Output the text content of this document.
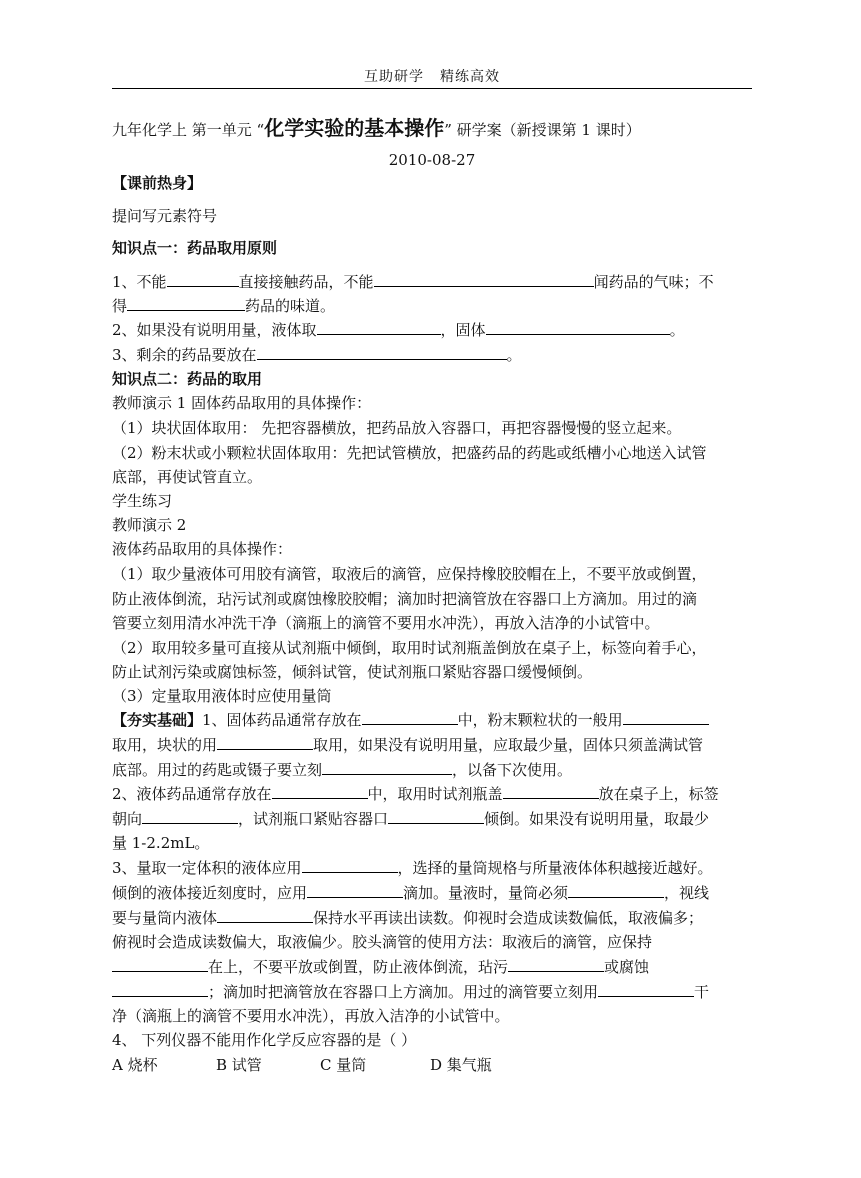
互助研学 精练高效
九年化学上 第一单元 “化学实验的基本操作” 研学案（新授课第 1 课时）
2010-08-27
【课前热身】
提问写元素符号
知识点一：药品取用原则
1、不能	直接接触药品，不能	闻药品的气味；不
得	药品的味道。
2、如果没有说明用量，液体取	，固体	。
3、剩余的药品要放在	。
知识点二：药品的取用
教师演示 1 固体药品取用的具体操作：
（1）块状固体取用： 先把容器横放，把药品放入容器口，再把容器慢慢的竖立起来。
（2）粉末状或小颗粒状固体取用：先把试管横放，把盛药品的药匙或纸槽小心地送入试管
底部，再使试管直立。
学生练习
教师演示 2
液体药品取用的具体操作：
（1）取少量液体可用胶有滴管，取液后的滴管，应保持橡胶胶帽在上，不要平放或倒置，
防止液体倒流，玷污试剂或腐蚀橡胶胶帽；滴加时把滴管放在容器口上方滴加。用过的滴
管要立刻用清水冲洗干净（滴瓶上的滴管不要用水冲洗），再放入洁净的小试管中。
（2）取用较多量可直接从试剂瓶中倾倒，取用时试剂瓶盖倒放在桌子上，标签向着手心，
防止试剂污染或腐蚀标签，倾斜试管，使试剂瓶口紧贴容器口缓慢倾倒。
（3）定量取用液体时应使用量筒
【夯实基础】1、固体药品通常存放在	中，粉末颗粒状的一般用
取用，块状的用	取用，如果没有说明用量，应取最少量，固体只须盖满试管
底部。用过的药匙或镊子要立刻	，以备下次使用。
2、液体药品通常存放在	中，取用时试剂瓶盖	放在桌子上，标签
朝向	，试剂瓶口紧贴容器口	倾倒。如果没有说明用量，取最少
量 1-2.2mL。
3、量取一定体积的液体应用	，选择的量筒规格与所量液体体积越接近越好。
倾倒的液体接近刻度时，应用	滴加。量液时，量筒必须	，视线
要与量筒内液体	保持水平再读出读数。仰视时会造成读数偏低，取液偏多；
俯视时会造成读数偏大，取液偏少。胶头滴管的使用方法：取液后的滴管，应保持
在上，不要平放或倒置，防止液体倒流，玷污	或腐蚀
；滴加时把滴管放在容器口上方滴加。用过的滴管要立刻用	干
净（滴瓶上的滴管不要用水冲洗），再放入洁净的小试管中。
4、 下列仪器不能用作化学反应容器的是（ ）
A 烧杯	B 试管	C 量筒	D 集气瓶
